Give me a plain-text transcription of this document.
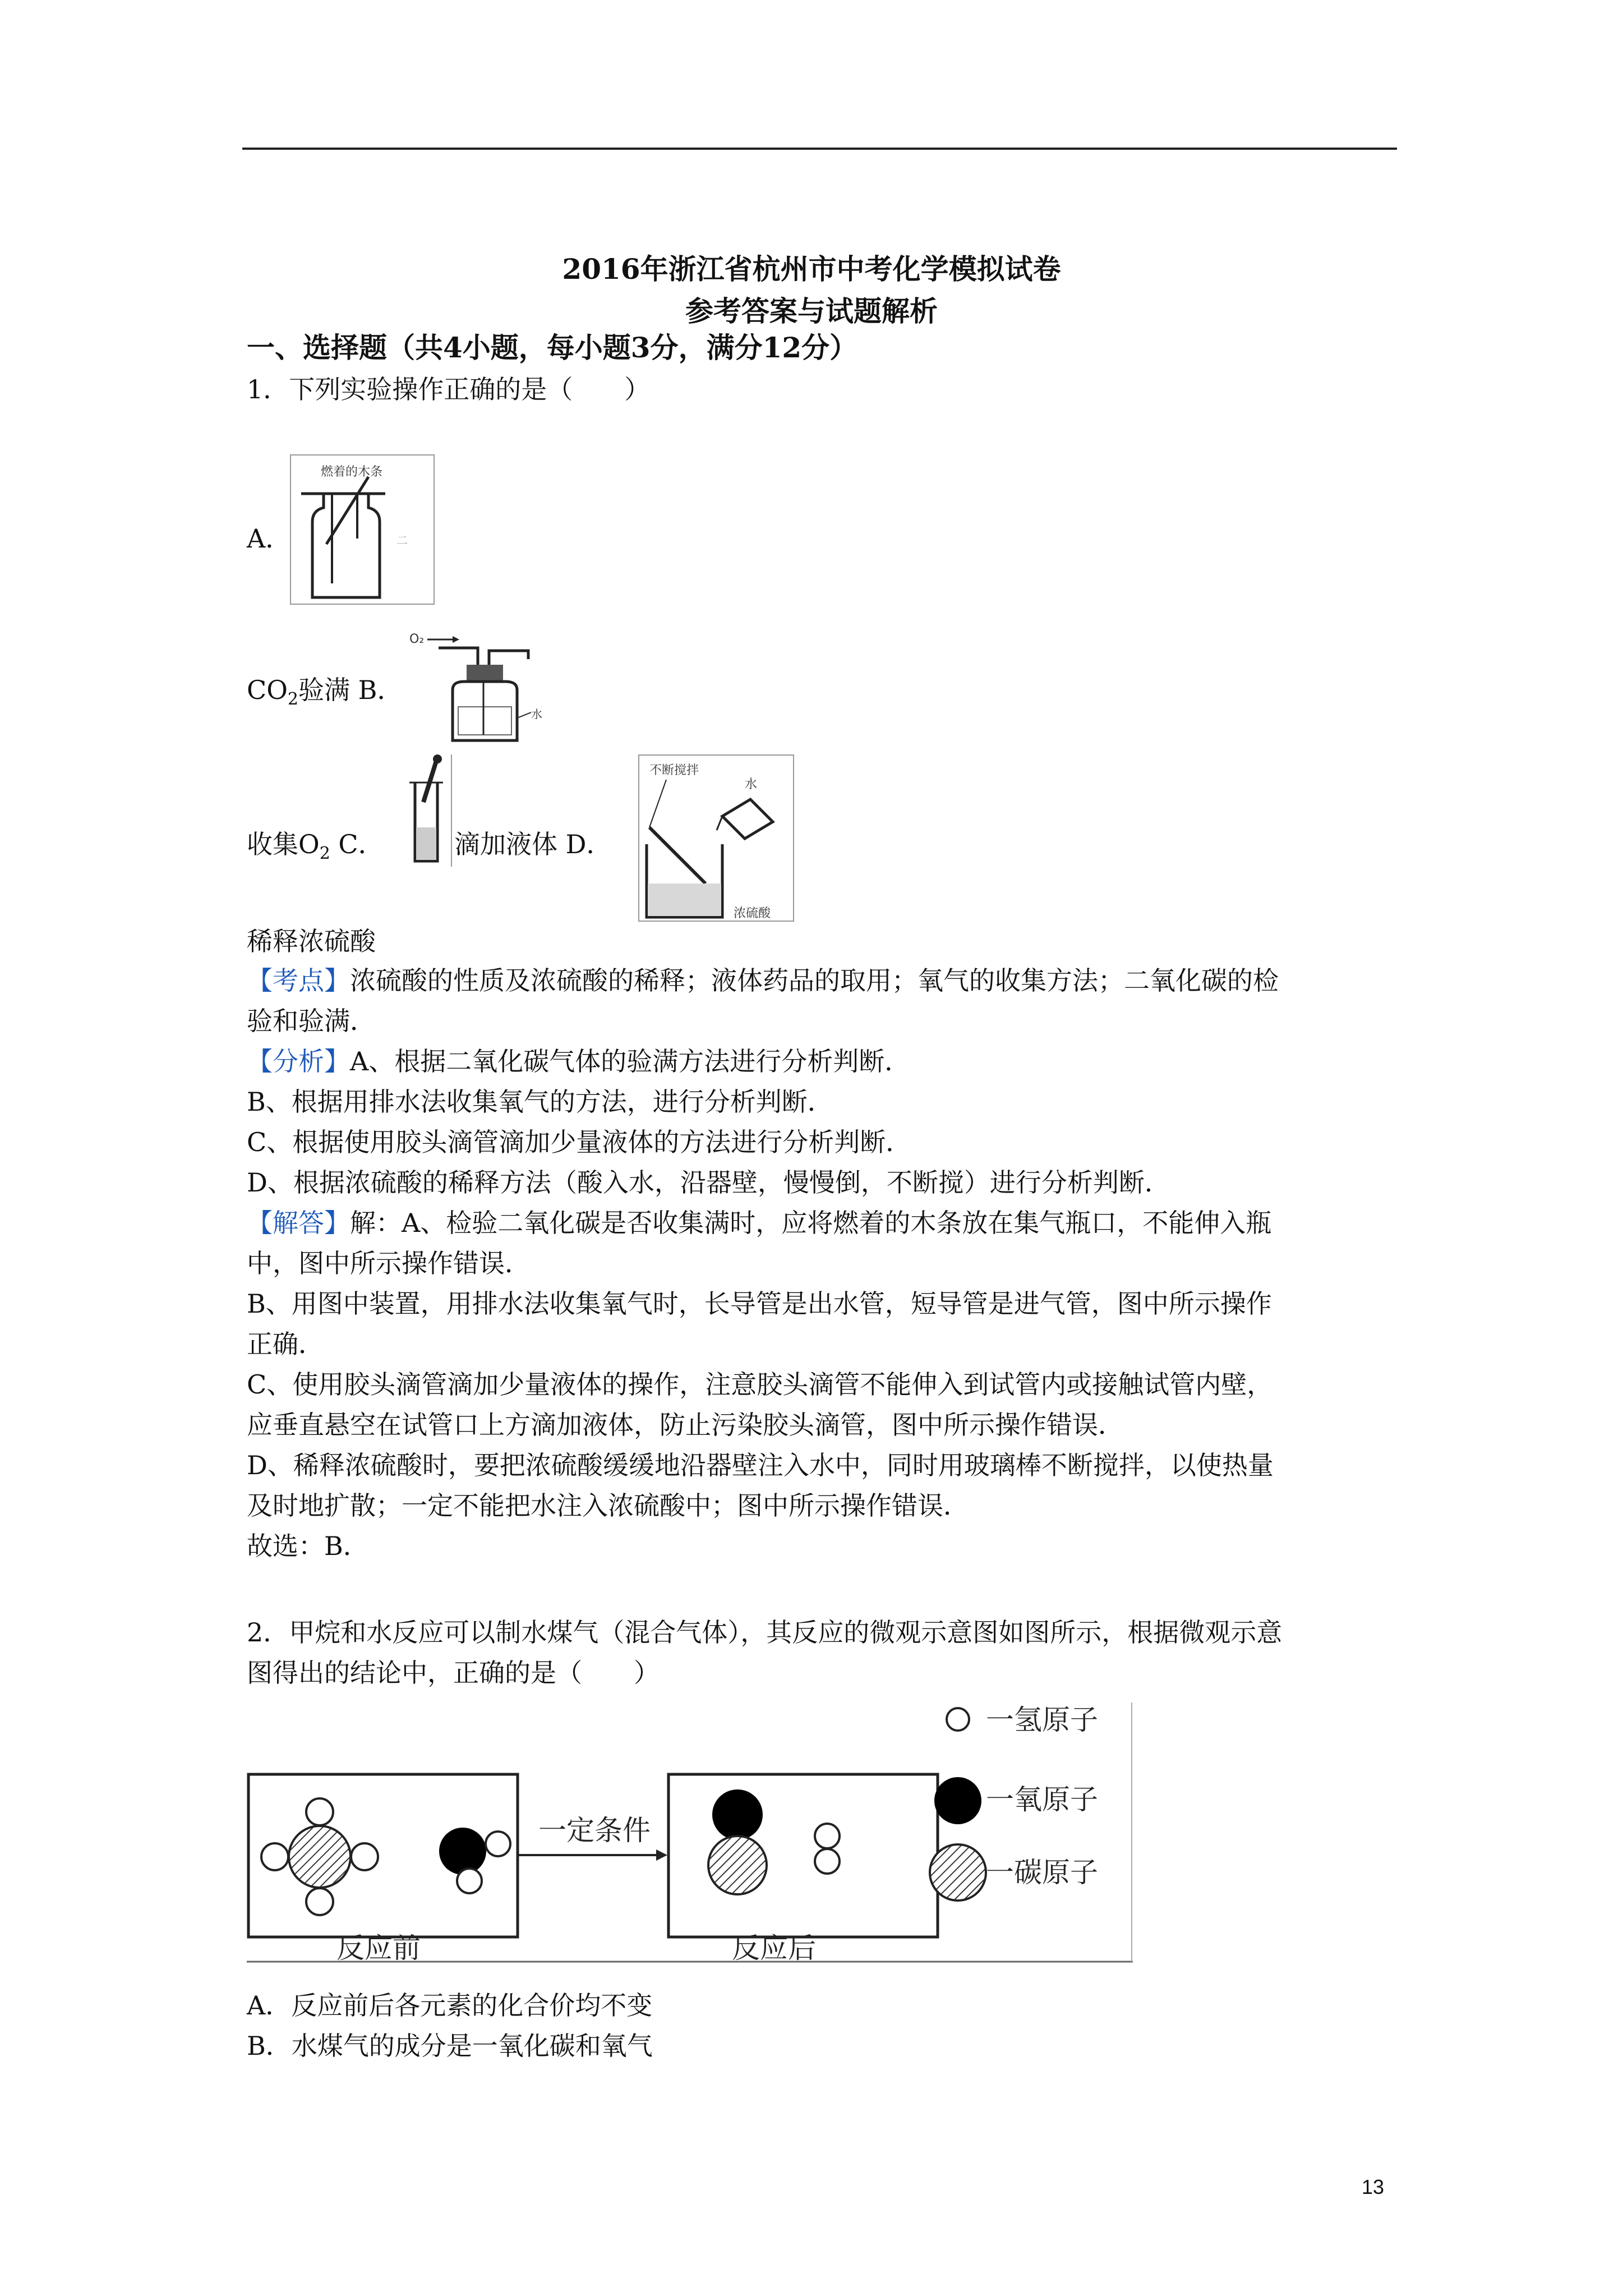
2016年浙江省杭州市中考化学模拟试卷
参考答案与试题解析
一、选择题（共4小题，每小题3分，满分12分）
1．下列实验操作正确的是（　　）
A．
燃着的木条
二
$CO_2$验满 B．
O₂
水
收集$O_2$ C．	滴加液体 D．
不断搅拌
水
浓硫酸
稀释浓硫酸
【考点】浓硫酸的性质及浓硫酸的稀释；液体药品的取用；氧气的收集方法；二氧化碳的检
验和验满．
【分析】A、根据二氧化碳气体的验满方法进行分析判断．
B、根据用排水法收集氧气的方法，进行分析判断．
C、根据使用胶头滴管滴加少量液体的方法进行分析判断．
D、根据浓硫酸的稀释方法（酸入水，沿器壁，慢慢倒，不断搅）进行分析判断．
【解答】解：A、检验二氧化碳是否收集满时，应将燃着的木条放在集气瓶口，不能伸入瓶
中，图中所示操作错误．
B、用图中装置，用排水法收集氧气时，长导管是出水管，短导管是进气管，图中所示操作
正确．
C、使用胶头滴管滴加少量液体的操作，注意胶头滴管不能伸入到试管内或接触试管内壁，
应垂直悬空在试管口上方滴加液体，防止污染胶头滴管，图中所示操作错误．
D、稀释浓硫酸时，要把浓硫酸缓缓地沿器壁注入水中，同时用玻璃棒不断搅拌，以使热量
及时地扩散；一定不能把水注入浓硫酸中；图中所示操作错误．
故选：B．
2．甲烷和水反应可以制水煤气（混合气体），其反应的微观示意图如图所示，根据微观示意
图得出的结论中，正确的是（　　）
一定条件
反应前	反应后
一氢原子
一氧原子
一碳原子
A．反应前后各元素的化合价均不变
B．水煤气的成分是一氧化碳和氧气
13
